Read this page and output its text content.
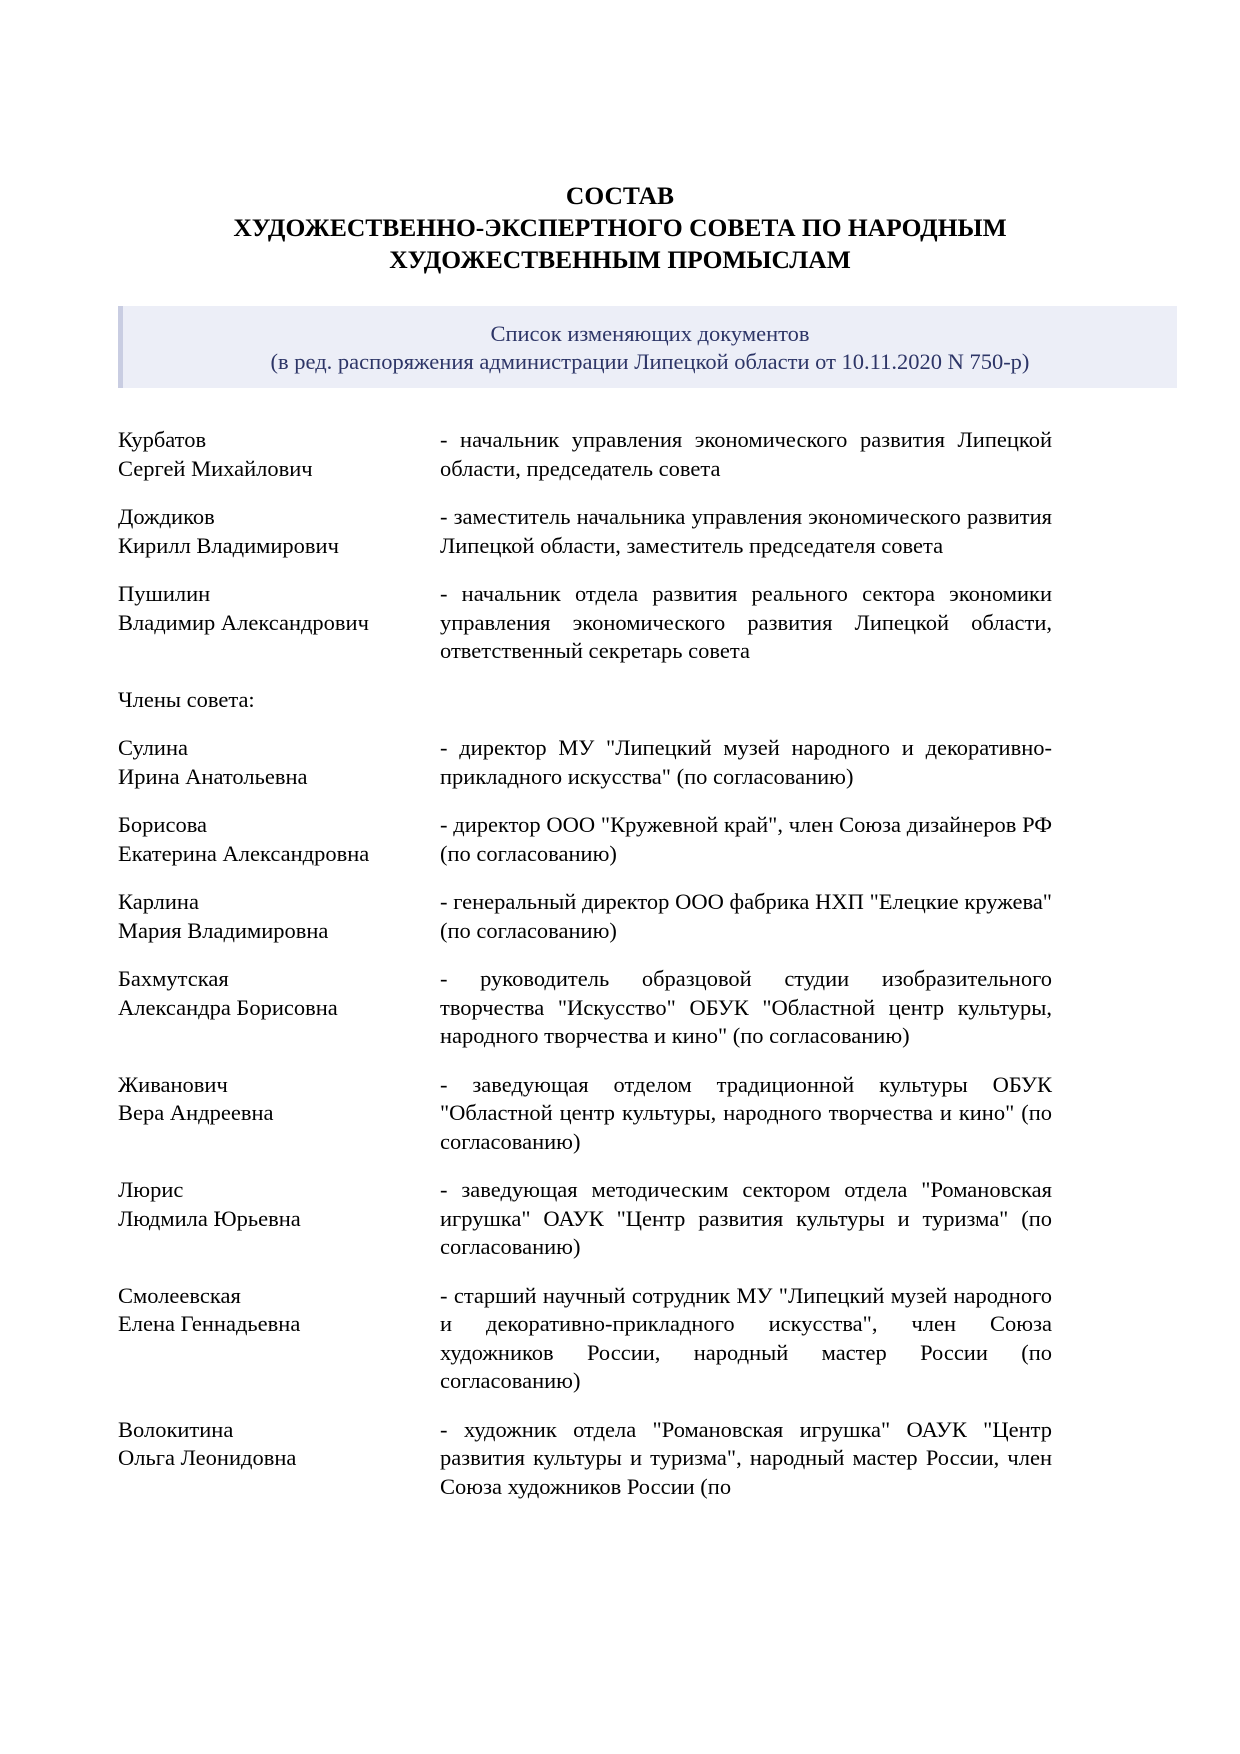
СОСТАВ
ХУДОЖЕСТВЕННО-ЭКСПЕРТНОГО СОВЕТА ПО НАРОДНЫМ
ХУДОЖЕСТВЕННЫМ ПРОМЫСЛАМ
Список изменяющих документов
(в ред. распоряжения администрации Липецкой области от 10.11.2020 N 750-р)
Курбатов
Сергей Михайлович
- начальник управления экономического развития Липецкой области, председатель совета
Дождиков
Кирилл Владимирович
- заместитель начальника управления экономического развития Липецкой области, заместитель председателя совета
Пушилин
Владимир Александрович
- начальник отдела развития реального сектора экономики управления экономического развития Липецкой области, ответственный секретарь совета
Члены совета:
Сулина
Ирина Анатольевна
- директор МУ "Липецкий музей народного и декоративно-прикладного искусства" (по согласованию)
Борисова
Екатерина Александровна
- директор ООО "Кружевной край", член Союза дизайнеров РФ (по согласованию)
Карлина
Мария Владимировна
- генеральный директор ООО фабрика НХП "Елецкие кружева" (по согласованию)
Бахмутская
Александра Борисовна
- руководитель образцовой студии изобразительного творчества "Искусство" ОБУК "Областной центр культуры, народного творчества и кино" (по согласованию)
Живанович
Вера Андреевна
- заведующая отделом традиционной культуры ОБУК "Областной центр культуры, народного творчества и кино" (по согласованию)
Люрис
Людмила Юрьевна
- заведующая методическим сектором отдела "Романовская игрушка" ОАУК "Центр развития культуры и туризма" (по согласованию)
Смолеевская
Елена Геннадьевна
- старший научный сотрудник МУ "Липецкий музей народного и декоративно-прикладного искусства", член Союза художников России, народный мастер России (по согласованию)
Волокитина
Ольга Леонидовна
- художник отдела "Романовская игрушка" ОАУК "Центр развития культуры и туризма", народный мастер России, член Союза художников России (по
